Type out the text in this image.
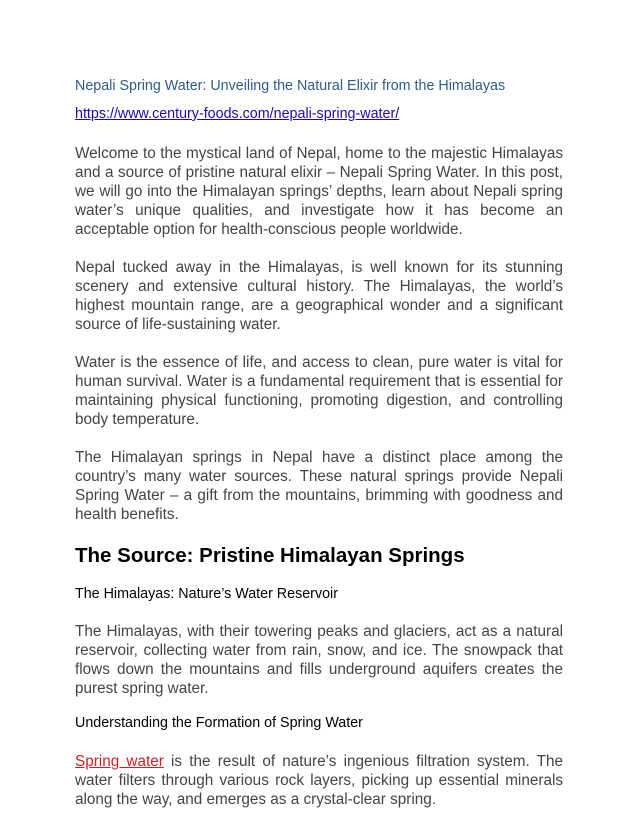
Nepali Spring Water: Unveiling the Natural Elixir from the Himalayas
https://www.century-foods.com/nepali-spring-water/

Welcome to the mystical land of Nepal, home to the majestic Himalayas and a source of pristine natural elixir – Nepali Spring Water. In this post, we will go into the Himalayan springs’ depths, learn about Nepali spring water’s unique qualities, and investigate how it has become an acceptable option for health-conscious people worldwide.

Nepal tucked away in the Himalayas, is well known for its stunning scenery and extensive cultural history. The Himalayas, the world’s highest mountain range, are a geographical wonder and a significant source of life-sustaining water.

Water is the essence of life, and access to clean, pure water is vital for human survival. Water is a fundamental requirement that is essential for maintaining physical functioning, promoting digestion, and controlling body temperature.

The Himalayan springs in Nepal have a distinct place among the country’s many water sources. These natural springs provide Nepali Spring Water – a gift from the mountains, brimming with goodness and health benefits.

The Source: Pristine Himalayan Springs
The Himalayas: Nature’s Water Reservoir

The Himalayas, with their towering peaks and glaciers, act as a natural reservoir, collecting water from rain, snow, and ice. The snowpack that flows down the mountains and fills underground aquifers creates the purest spring water.

Understanding the Formation of Spring Water

Spring water is the result of nature’s ingenious filtration system. The water filters through various rock layers, picking up essential minerals along the way, and emerges as a crystal-clear spring.
